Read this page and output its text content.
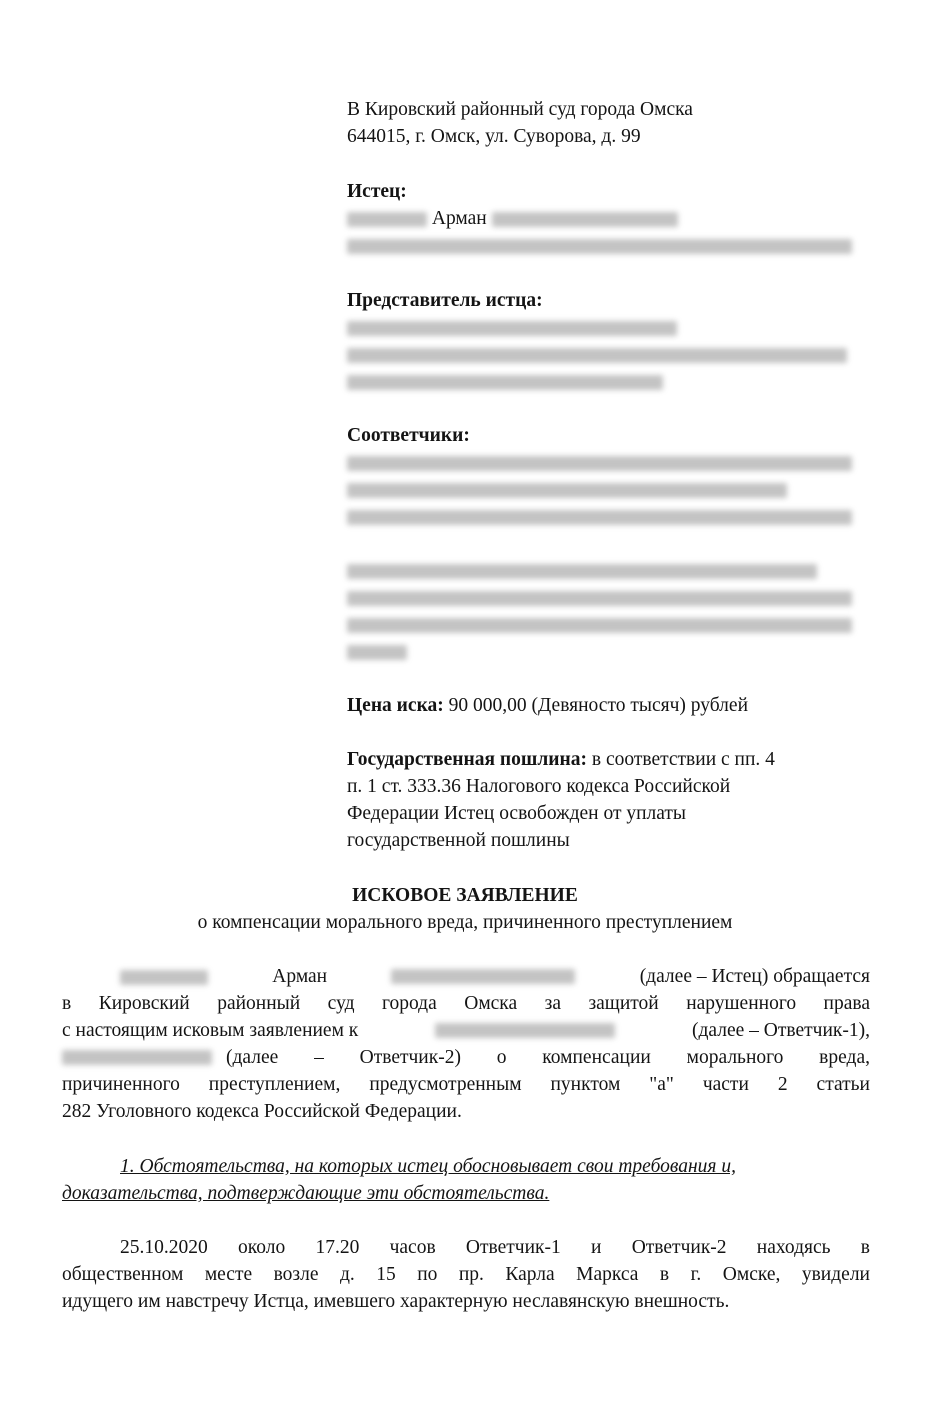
В Кировский районный суд города Омска
644015, г. Омск, ул. Суворова, д. 99
Истец:
Арман
Представитель истца:
Соответчики:
Цена иска: 90 000,00 (Девяносто тысяч) рублей
Государственная пошлина: в соответствии с пп. 4
п. 1 ст. 333.36 Налогового кодекса Российской
Федерации Истец освобожден от уплаты
государственной пошлины
ИСКОВОЕ ЗАЯВЛЕНИЕ
о компенсации морального вреда, причиненного преступлением
Арман	(далее – Истец) обращается
в Кировский районный суд города Омска за защитой нарушенного права
с настоящим исковым заявлением к	(далее – Ответчик-1),
(далее – Ответчик-2) о компенсации морального вреда,
причиненного преступлением, предусмотренным пунктом "а" части 2 статьи
282 Уголовного кодекса Российской Федерации.
1. Обстоятельства, на которых истец обосновывает свои требования и,
доказательства, подтверждающие эти обстоятельства.
25.10.2020 около 17.20 часов Ответчик-1 и Ответчик-2 находясь в
общественном месте возле д. 15 по пр. Карла Маркса в г. Омске, увидели
идущего им навстречу Истца, имевшего характерную неславянскую внешность.
